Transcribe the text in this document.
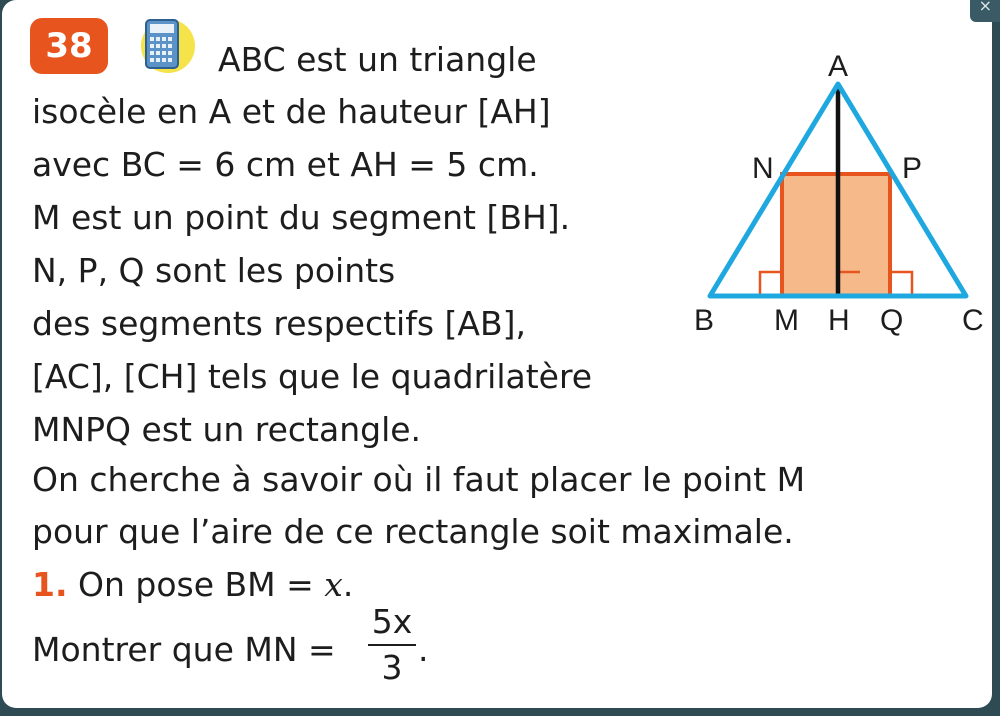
38	ABC est un triangle
isocèle en A et de hauteur [AH]
avec BC = 6 cm et AH = 5 cm.
M est un point du segment [BH].
N, P, Q sont les points
des segments respectifs [AB],
[AC], [CH] tels que le quadrilatère
MNPQ est un rectangle.
On cherche à savoir où il faut placer le point M
pour que l’aire de ce rectangle soit maximale.
1. On pose BM = x.
Montrer que MN =
5x
3 .
A
N	P
B M H Q C
×
